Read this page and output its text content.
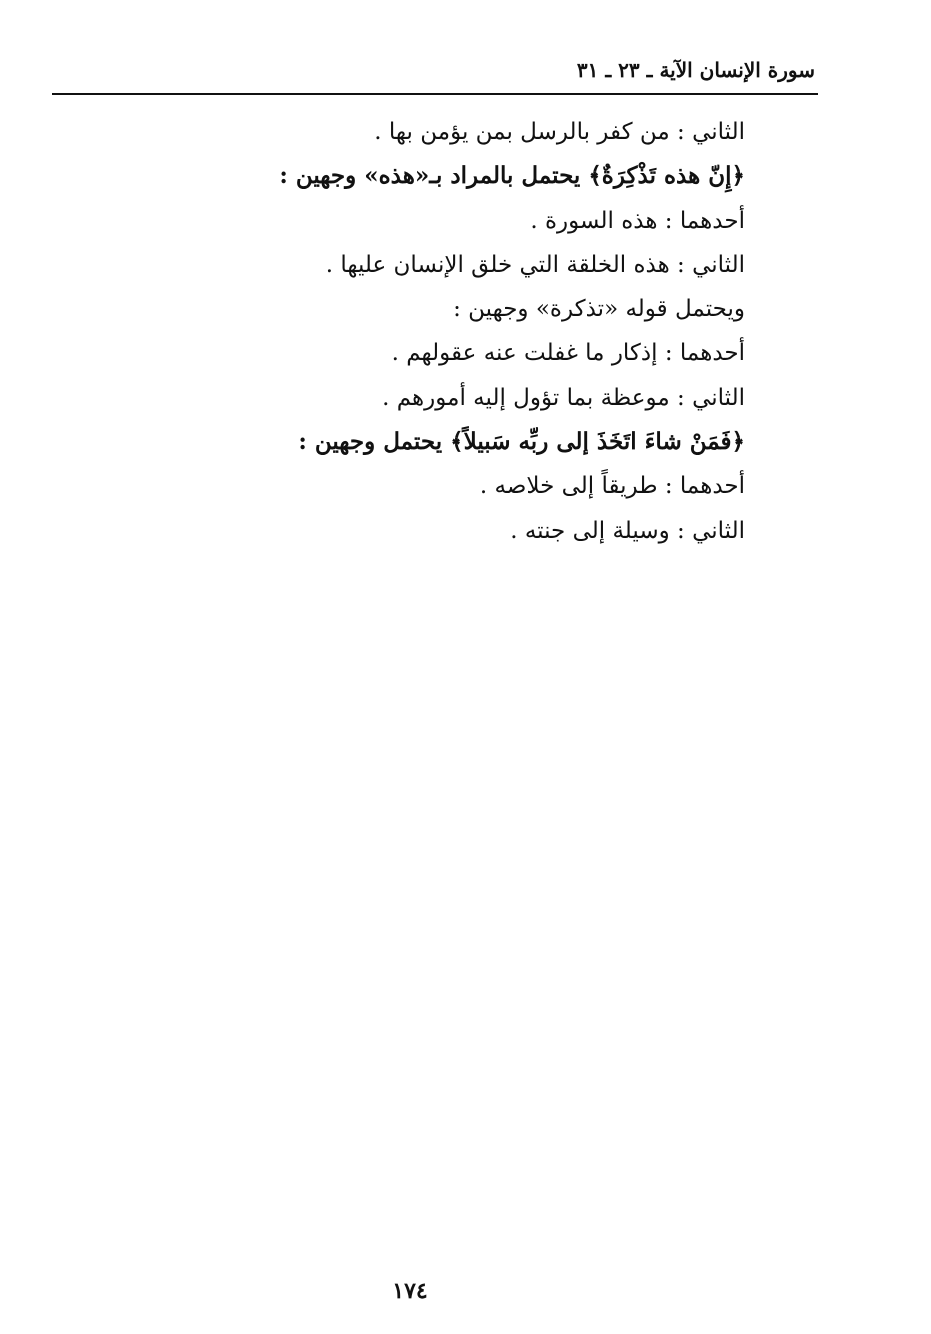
سورة الإنسان الآية ـ ٢٣ ـ ٣١
الثاني : من كفر بالرسل بمن يؤمن بها .
﴿إِنّ هذه تَذْكِرَةٌ﴾ يحتمل بالمراد بـ«هذه» وجهين :
أحدهما : هذه السورة .
الثاني : هذه الخلقة التي خلق الإنسان عليها .
ويحتمل قوله «تذكرة» وجهين :
أحدهما : إذكار ما غفلت عنه عقولهم .
الثاني : موعظة بما تؤول إليه أمورهم .
﴿فَمَنْ شاءَ اتَخَذَ إلى ربِّه سَبيلاً﴾ يحتمل وجهين :
أحدهما : طريقاً إلى خلاصه .
الثاني : وسيلة إلى جنته .
١٧٤
